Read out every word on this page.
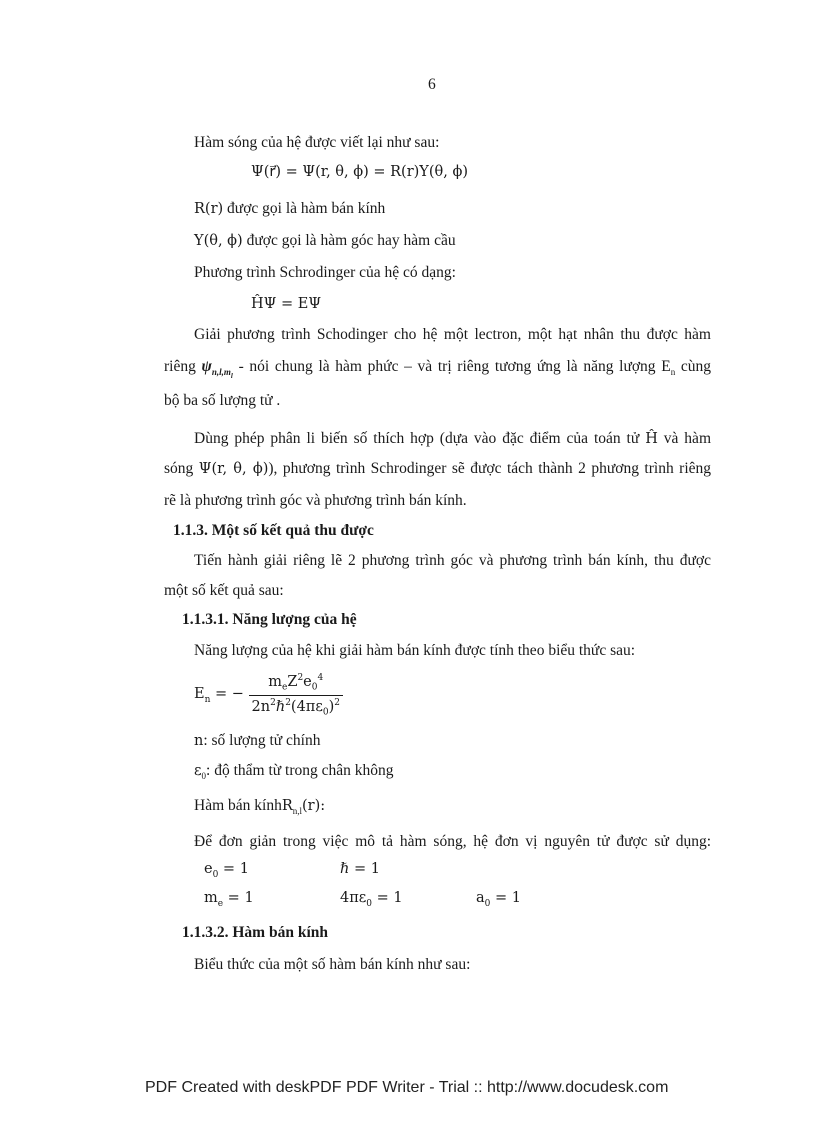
6
Hàm sóng của hệ được viết lại như sau:
Ψ(r⃗) = Ψ(r, θ, ϕ) = R(r)Y(θ, ϕ)
R(r) được gọi là hàm bán kính
Y(θ, ϕ) được gọi là hàm góc hay hàm cầu
Phương trình Schrodinger của hệ có dạng:
ĤΨ = EΨ
Giải phương trình Schodinger cho hệ một lectron, một hạt nhân thu được hàm
riêng $\psi_{n,l,m_l}$ - nói chung là hàm phức – và trị riêng tương ứng là năng lượng $E_n$ cùng
bộ ba số lượng tử .
Dùng phép phân li biến số thích hợp (dựa vào đặc điểm của toán tử Ĥ và hàm
sóng Ψ(r, θ, ϕ)), phương trình Schrodinger sẽ được tách thành 2 phương trình riêng
rẽ là phương trình góc và phương trình bán kính.
1.1.3. Một số kết quả thu được
Tiến hành giải riêng lẽ 2 phương trình góc và phương trình bán kính, thu được
một số kết quả sau:
1.1.3.1. Năng lượng của hệ
Năng lượng của hệ khi giải hàm bán kính được tính theo biểu thức sau:
$E_n$ = − $\frac{m_eZ^2e_0^4}{2n^2\hbar^2(4\pi\varepsilon_0)^2}$
n: số lượng tử chính
$\varepsilon_0$: độ thẩm từ trong chân không
Hàm bán kínhR$_{n,l}$(r):
Để đơn giản trong việc mô tả hàm sóng, hệ đơn vị nguyên tử được sử dụng:
$e_0 = 1$	ℏ = 1
$m_e = 1$	$4\pi\varepsilon_0 = 1$	$a_0 = 1$
1.1.3.2. Hàm bán kính
Biểu thức của một số hàm bán kính như sau:
PDF Created with deskPDF PDF Writer - Trial :: http://www.docudesk.com
